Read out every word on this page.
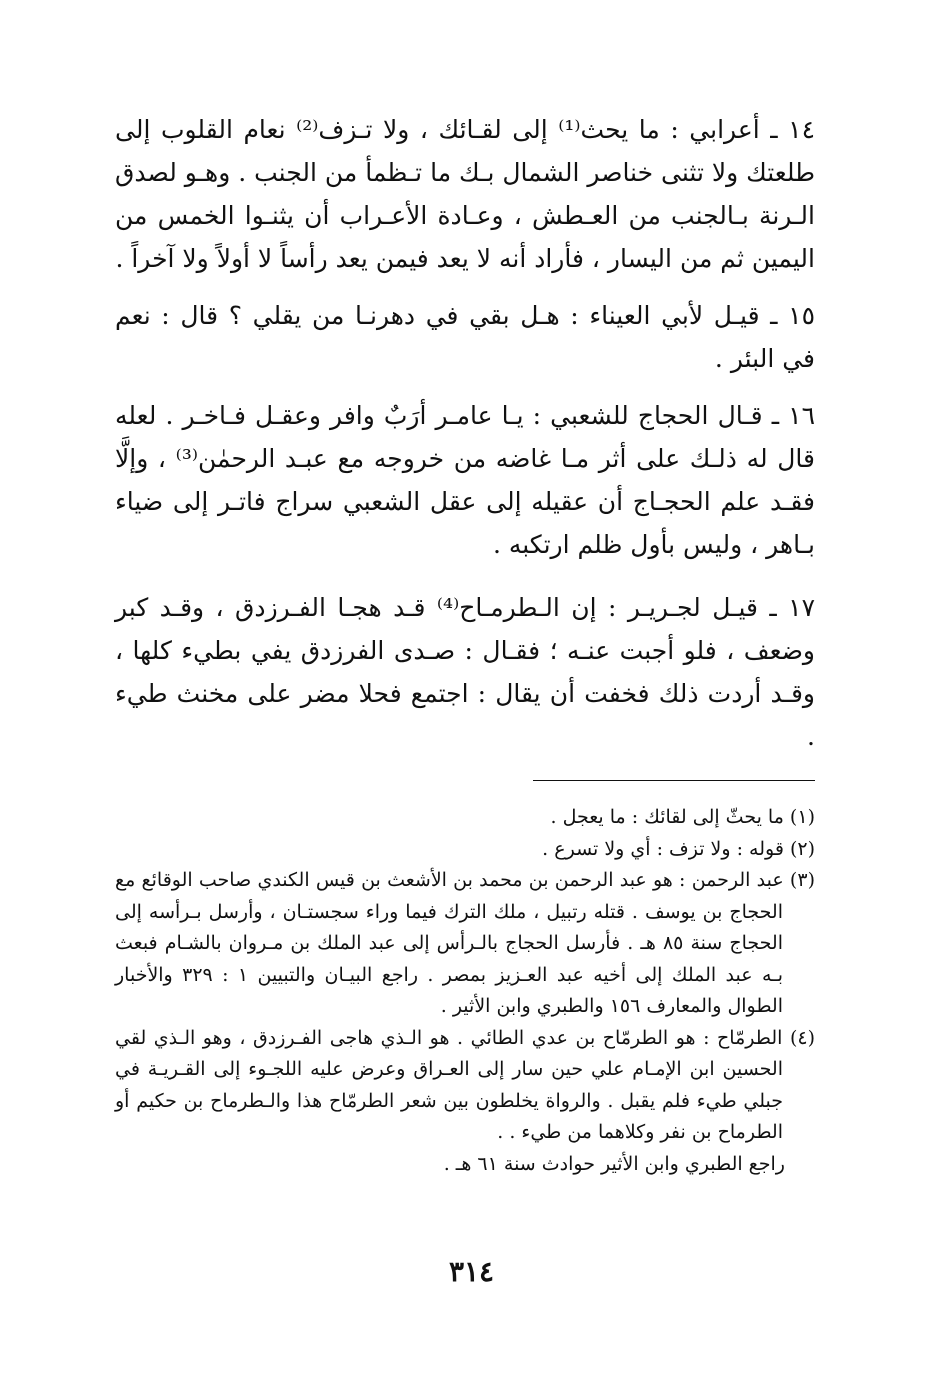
١٤ ـ أعرابي : ما يحث⁽¹⁾ إلى لقـائك ، ولا تـزف⁽²⁾ نعام القلوب إلى طلعتك ولا تثنى خناصر الشمال بـك ما تـظمأ من الجنب . وهـو لصدق الـرنة بـالجنب من العـطش ، وعـادة الأعـراب أن يثنـوا الخمس من اليمين ثم من اليسار ، فأراد أنه لا يعد فيمن يعد رأساً لا أولاً ولا آخراً .

١٥ ـ قيـل لأبي العيناء : هـل بقي في دهرنـا من يقلي ؟ قال : نعم في البئر .

١٦ ـ قـال الحجاج للشعبي : يـا عامـر أرَبٌ وافر وعقـل فـاخـر . لعله قال له ذلـك على أثر مـا غاضه من خروجه مع عبـد الرحمٰن⁽³⁾ ، وإلَّا فقـد علم الحجـاج أن عقيله إلى عقل الشعبي سراج فاتـر إلى ضياء بـاهر ، وليس بأول ظلم ارتكبه .

١٧ ـ قيـل لجـريـر : إن الـطرمـاح⁽⁴⁾ قـد هجـا الفـرزدق ، وقـد كبر وضعف ، فلو أجبت عنـه ؛ فقـال : صـدى الفرزدق يفي بطيء كلها ، وقـد أردت ذلك فخفت أن يقال : اجتمع فحلا مضر على مخنث طيء .

(١) ما يحثّ إلى لقائك : ما يعجل .

(٢) قوله : ولا تزف : أي ولا تسرع .

(٣) عبد الرحمن : هو عبد الرحمن بن محمد بن الأشعث بن قيس الكندي صاحب الوقائع مع الحجاج بن يوسف . قتله رتبيل ، ملك الترك فيما وراء سجستـان ، وأرسل بـرأسه إلى الحجاج سنة ٨٥ هـ . فأرسل الحجاج بالـرأس إلى عبد الملك بن مـروان بالشـام فبعث بـه عبد الملك إلى أخيه عبد العـزيز بمصر . راجع البيـان والتبيين ١ : ٣٢٩ والأخبار الطوال والمعارف ١٥٦ والطبري وابن الأثير .

(٤) الطرمّاح : هو الطرمّاح بن عدي الطائي . هو الـذي هاجى الفـرزدق ، وهو الـذي لقي الحسين ابن الإمـام علي حين سار إلى العـراق وعرض عليه اللجـوء إلى القـريـة في جبلي طيء فلم يقبل . والرواة يخلطون بين شعر الطرمّاح هذا والـطرماح بن حكيم أو الطرماح بن نفر وكلاهما من طيء . .

راجع الطبري وابن الأثير حوادث سنة ٦١ هـ .

٣١٤
